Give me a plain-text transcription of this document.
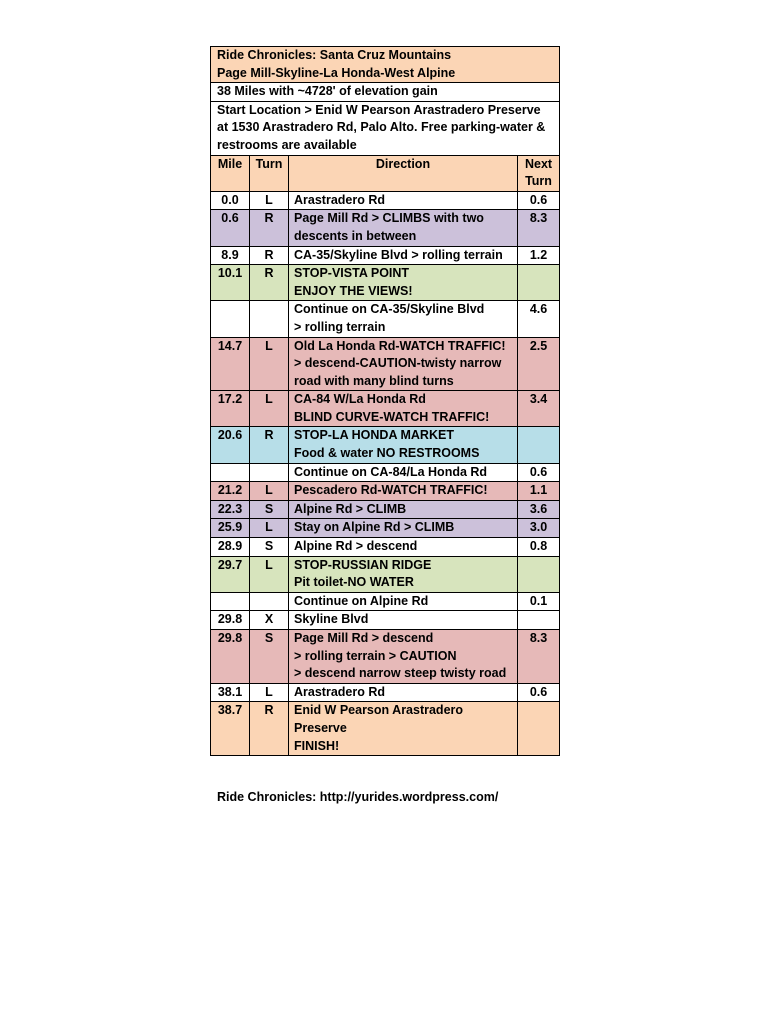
Ride Chronicles: Santa Cruz Mountains
Page Mill-Skyline-La Honda-West Alpine			

38 Miles with ~4728' of elevation gain			
Start Location > Enid W Pearson Arastradero Preserve at 1530 Arastradero Rd, Palo Alto. Free parking-water & restrooms are available			
Mile	Turn	Direction	Next
Turn
0.0	L	Arastradero Rd	0.6
0.6	R	Page Mill Rd > CLIMBS with two
descents in between	8.3
8.9	R	CA-35/Skyline Blvd > rolling terrain	1.2
10.1	R	STOP-VISTA POINT
ENJOY THE VIEWS!	
		Continue on CA-35/Skyline Blvd
> rolling terrain	4.6
14.7	L	Old La Honda Rd-WATCH TRAFFIC!
> descend-CAUTION-twisty narrow
road with many blind turns	2.5
17.2	L	CA-84 W/La Honda Rd
BLIND CURVE-WATCH TRAFFIC!	3.4
20.6	R	STOP-LA HONDA MARKET
Food & water NO RESTROOMS	
		Continue on CA-84/La Honda Rd	0.6
21.2	L	Pescadero Rd-WATCH TRAFFIC!	1.1
22.3	S	Alpine Rd > CLIMB	3.6
25.9	L	Stay on Alpine Rd > CLIMB	3.0
28.9	S	Alpine Rd > descend	0.8
29.7	L	STOP-RUSSIAN RIDGE
Pit toilet-NO WATER	
		Continue on Alpine Rd	0.1
29.8	X	Skyline Blvd	
29.8	S	Page Mill Rd > descend
> rolling terrain > CAUTION
> descend narrow steep twisty road	8.3
38.1	L	Arastradero Rd	0.6
38.7	R	Enid W Pearson Arastradero
Preserve
FINISH!	
Ride Chronicles: http://yurides.wordpress.com/
